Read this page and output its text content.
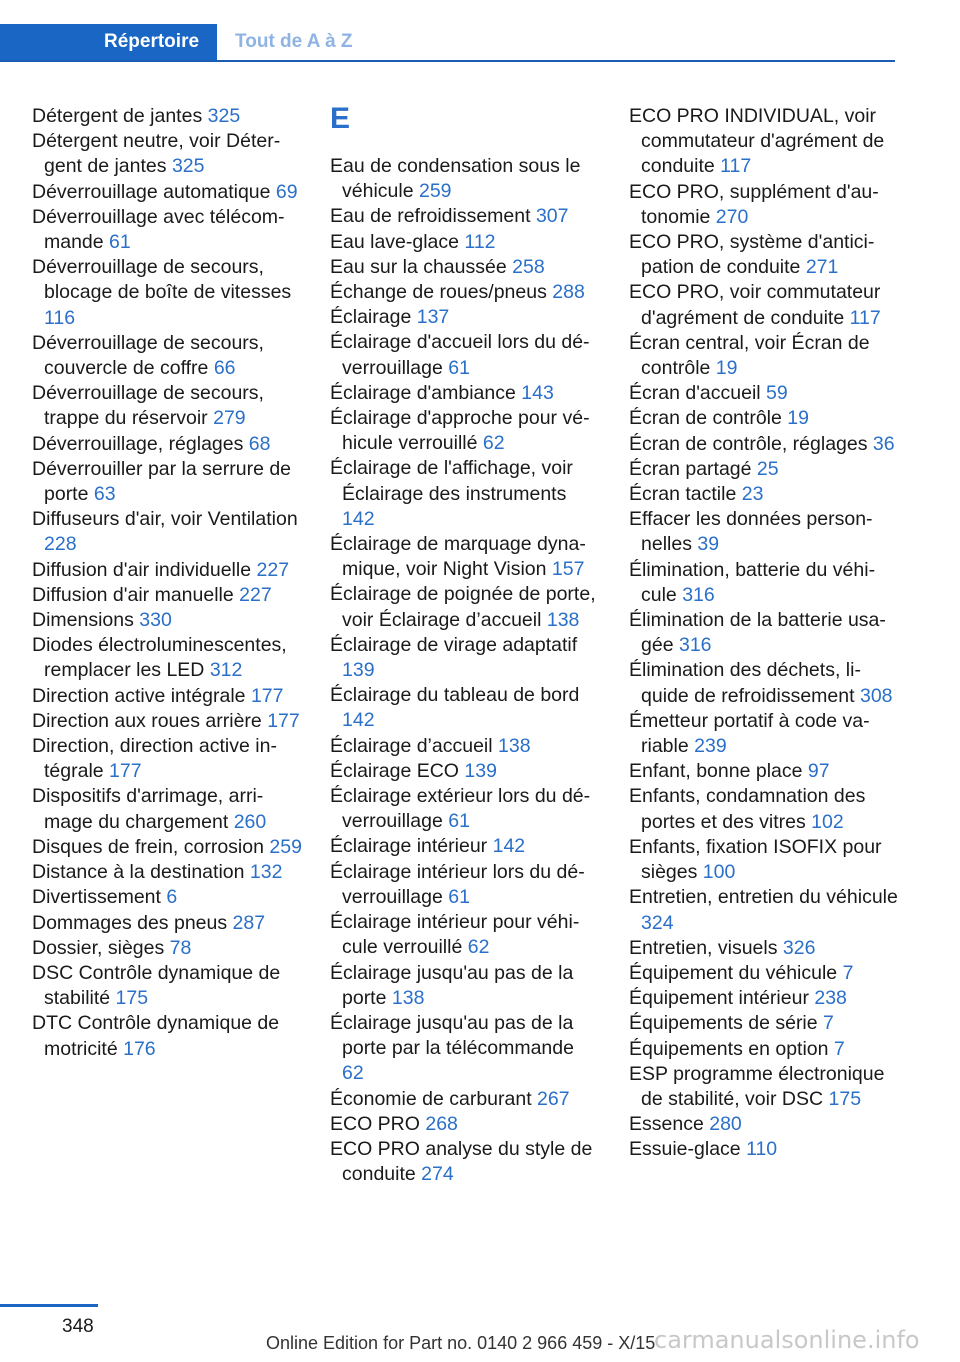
Répertoire	Tout de A à Z
Détergent de jantes 325
Détergent neutre, voir Détergent de jantes 325
Déverrouillage automatique 69
Déverrouillage avec télécommande 61
Déverrouillage de secours, blocage de boîte de vitesses 116
Déverrouillage de secours, couvercle de coffre 66
Déverrouillage de secours, trappe du réservoir 279
Déverrouillage, réglages 68
Déverrouiller par la serrure de porte 63
Diffuseurs d'air, voir Ventilation 228
Diffusion d'air individuelle 227
Diffusion d'air manuelle 227
Dimensions 330
Diodes électroluminescentes, remplacer les LED 312
Direction active intégrale 177
Direction aux roues arrière 177
Direction, direction active intégrale 177
Dispositifs d'arrimage, arrimage du chargement 260
Disques de frein, corrosion 259
Distance à la destination 132
Divertissement 6
Dommages des pneus 287
Dossier, sièges 78
DSC Contrôle dynamique de stabilité 175
DTC Contrôle dynamique de motricité 176
E
Eau de condensation sous le véhicule 259
Eau de refroidissement 307
Eau lave-glace 112
Eau sur la chaussée 258
Échange de roues/pneus 288
Éclairage 137
Éclairage d'accueil lors du déverrouillage 61
Éclairage d'ambiance 143
Éclairage d'approche pour véhicule verrouillé 62
Éclairage de l'affichage, voir Éclairage des instruments 142
Éclairage de marquage dynamique, voir Night Vision 157
Éclairage de poignée de porte, voir Éclairage d’accueil 138
Éclairage de virage adaptatif 139
Éclairage du tableau de bord 142
Éclairage d’accueil 138
Éclairage ECO 139
Éclairage extérieur lors du déverrouillage 61
Éclairage intérieur 142
Éclairage intérieur lors du déverrouillage 61
Éclairage intérieur pour véhicule verrouillé 62
Éclairage jusqu'au pas de la porte 138
Éclairage jusqu'au pas de la porte par la télécommande 62
Économie de carburant 267
ECO PRO 268
ECO PRO analyse du style de conduite 274
ECO PRO INDIVIDUAL, voir commutateur d'agrément de conduite 117
ECO PRO, supplément d'autonomie 270
ECO PRO, système d'anticipation de conduite 271
ECO PRO, voir commutateur d'agrément de conduite 117
Écran central, voir Écran de contrôle 19
Écran d'accueil 59
Écran de contrôle 19
Écran de contrôle, réglages 36
Écran partagé 25
Écran tactile 23
Effacer les données personnelles 39
Élimination, batterie du véhicule 316
Élimination de la batterie usagée 316
Élimination des déchets, liquide de refroidissement 308
Émetteur portatif à code variable 239
Enfant, bonne place 97
Enfants, condamnation des portes et des vitres 102
Enfants, fixation ISOFIX pour sièges 100
Entretien, entretien du véhicule 324
Entretien, visuels 326
Équipement du véhicule 7
Équipement intérieur 238
Équipements de série 7
Équipements en option 7
ESP programme électronique de stabilité, voir DSC 175
Essence 280
Essuie-glace 110
348
Online Edition for Part no. 0140 2 966 459 - X/15
carmanualsonline.info
